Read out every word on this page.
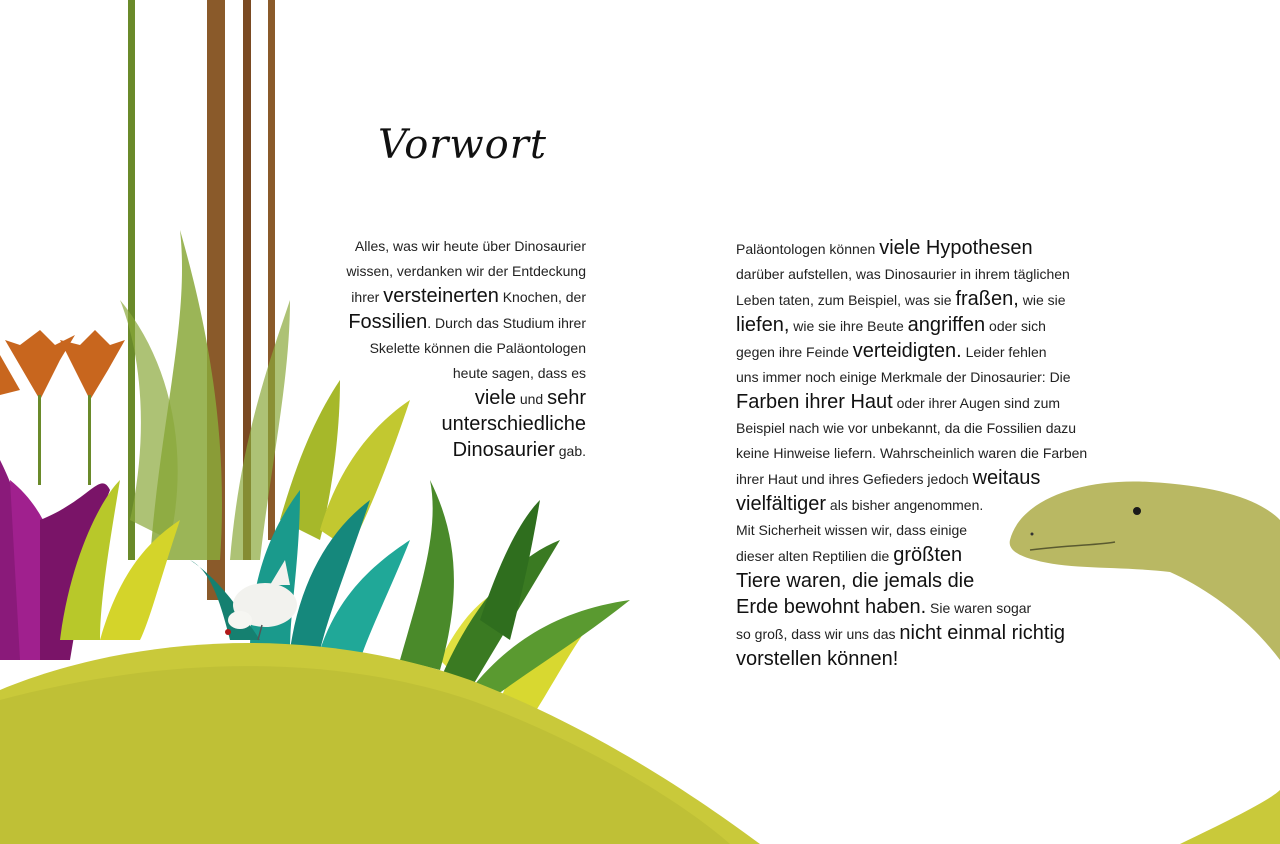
Vorwort
Alles, was wir heute über Dinosaurier
wissen, verdanken wir der Entdeckung
ihrer versteinerten Knochen, der
Fossilien. Durch das Studium ihrer
Skelette können die Paläontologen
heute sagen, dass es
viele und sehr
unterschiedliche
Dinosaurier gab.
Paläontologen können viele Hypothesen
darüber aufstellen, was Dinosaurier in ihrem täglichen
Leben taten, zum Beispiel, was sie fraßen, wie sie
liefen, wie sie ihre Beute angriffen oder sich
gegen ihre Feinde verteidigten. Leider fehlen
uns immer noch einige Merkmale der Dinosaurier: Die
Farben ihrer Haut oder ihrer Augen sind zum
Beispiel nach wie vor unbekannt, da die Fossilien dazu
keine Hinweise liefern. Wahrscheinlich waren die Farben
ihrer Haut und ihres Gefieders jedoch weitaus
vielfältiger als bisher angenommen.
Mit Sicherheit wissen wir, dass einige
dieser alten Reptilien die größten
Tiere waren, die jemals die
Erde bewohnt haben. Sie waren sogar
so groß, dass wir uns das nicht einmal richtig
vorstellen können!
